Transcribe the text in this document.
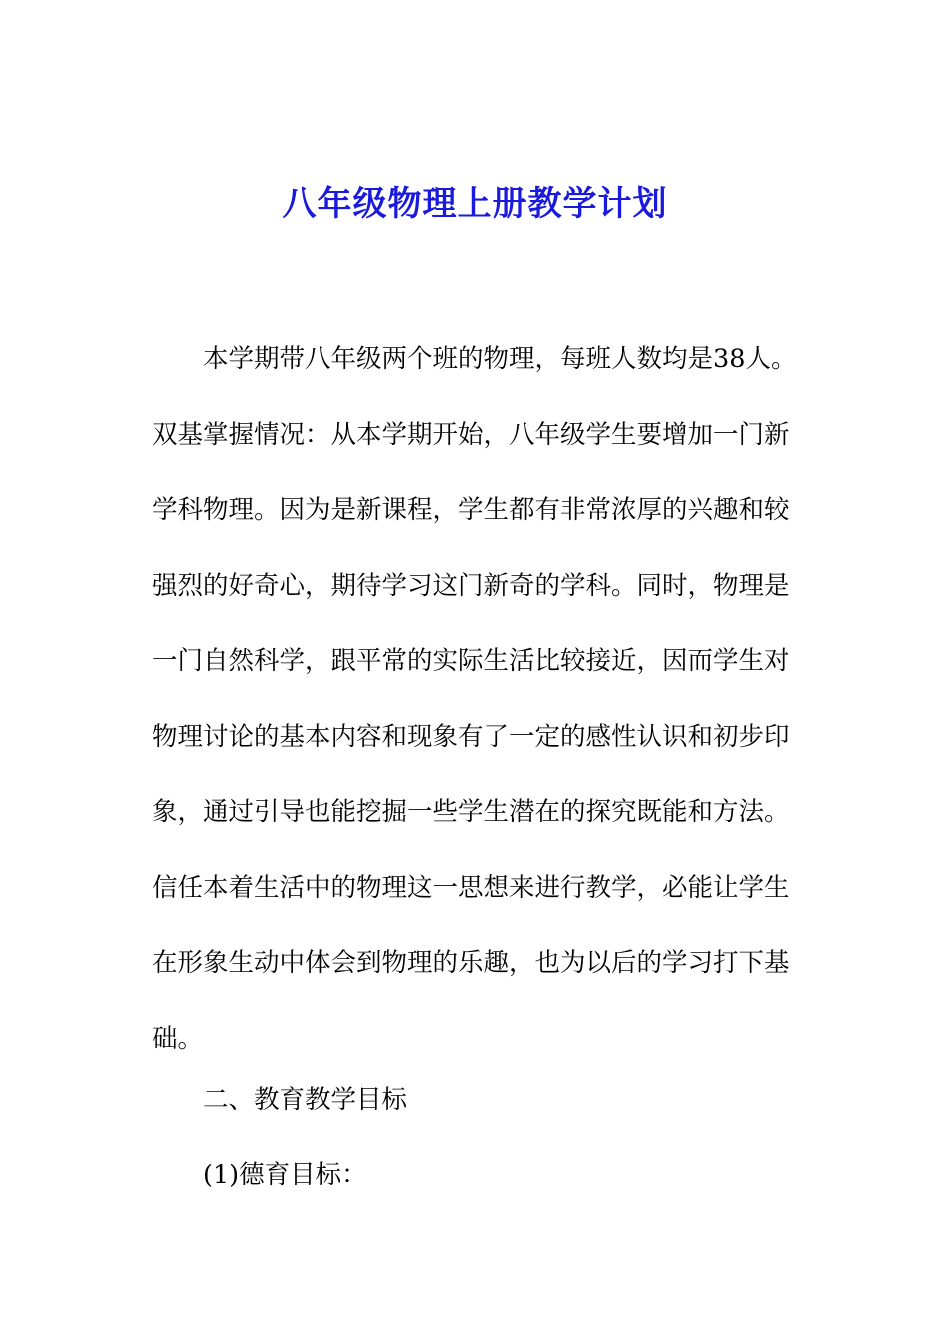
八年级物理上册教学计划
本学期带八年级两个班的物理，每班人数均是38人。
双基掌握情况：从本学期开始，八年级学生要增加一门新
学科物理。因为是新课程，学生都有非常浓厚的兴趣和较
强烈的好奇心，期待学习这门新奇的学科。同时，物理是
一门自然科学，跟平常的实际生活比较接近，因而学生对
物理讨论的基本内容和现象有了一定的感性认识和初步印
象，通过引导也能挖掘一些学生潜在的探究既能和方法。
信任本着生活中的物理这一思想来进行教学，必能让学生
在形象生动中体会到物理的乐趣，也为以后的学习打下基
础。
二、教育教学目标
(1)德育目标：
